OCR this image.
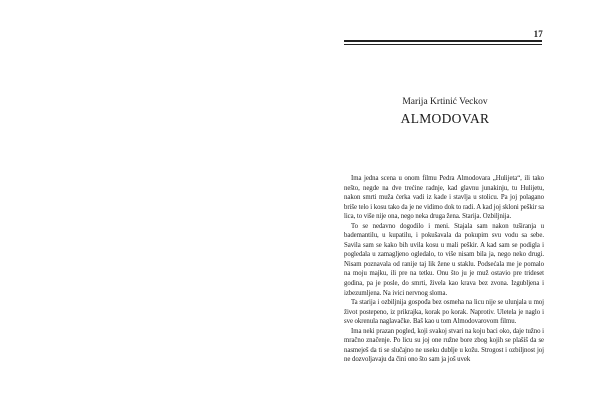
17
Marija Krtinić Veckov
ALMODOVAR

Ima jedna scena u onom filmu Pedra Almodovara „Hulijeta“, ili tako nešto, negde na dve trećine radnje, kad glavnu junakinju, tu Hulijetu, nakon smrti muža ćerka vadi iz kade i stavlja u stolicu. Pa joj polagano briše telo i kosu tako da je ne vidimo dok to radi. A kad joj skloni peškir sa lica, to više nije ona, nego neka druga žena. Starija. Ozbiljnija.

To se nedavno dogodilo i meni. Stajala sam nakon tuširanja u bademantilu, u kupatilu, i pokušavala da pokupim svu vodu sa sebe. Savila sam se kako bih uvila kosu u mali peškir. A kad sam se podigla i pogledala u zamagljeno ogledalo, to više nisam bila ja, nego neko drugi. Nisam poznavala od ranije taj lik žene u staklu. Podsećala me je pomalo na moju majku, ili pre na tetku. Onu što ju je muž ostavio pre trideset godina, pa je posle, do smrti, živela kao krava bez zvona. Izgubljena i izbezumljena. Na ivici nervnog sloma.

Ta starija i ozbiljnija gospođa bez osmeha na licu nije se ulunjala u moj život postepeno, iz prikrajka, korak po korak. Naprotiv. Uletela je naglo i sve okrenula naglavačke. Baš kao u tom Almodovarovom filmu.

Ima neki prazan pogled, koji svakoj stvari na koju baci oko, daje tužno i mračno značenje. Po licu su joj one ružne bore zbog kojih se plašiš da se nasmeješ da ti se slučajno ne useku dublje u kožu. Strogost i ozbiljnost joj ne dozvoljavaju da čini ono što sam ja još uvek
